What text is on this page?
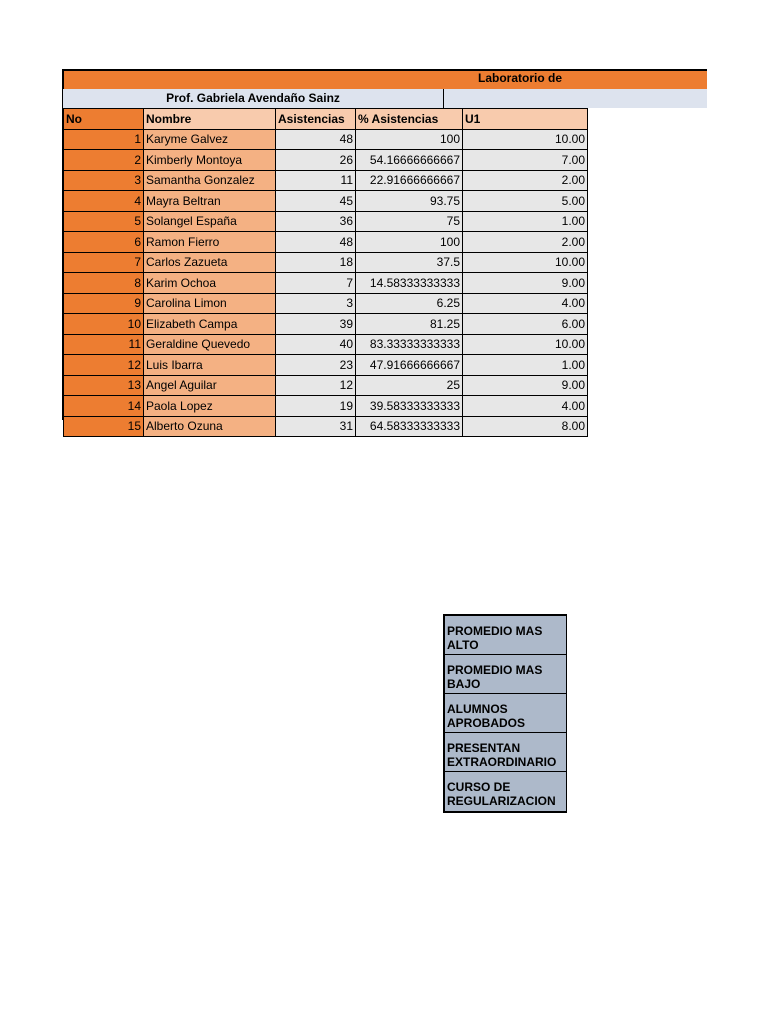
Laboratorio de
Prof. Gabriela Avendaño Sainz
No	Nombre	Asistencias	% Asistencias	U1
1	Karyme Galvez	48	100	10.00
2	Kimberly Montoya	26	54.16666666667	7.00
3	Samantha Gonzalez	11	22.91666666667	2.00
4	Mayra Beltran	45	93.75	5.00
5	Solangel España	36	75	1.00
6	Ramon Fierro	48	100	2.00
7	Carlos Zazueta	18	37.5	10.00
8	Karim Ochoa	7	14.58333333333	9.00
9	Carolina Limon	3	6.25	4.00
10	Elizabeth Campa	39	81.25	6.00
11	Geraldine Quevedo	40	83.33333333333	10.00
12	Luis Ibarra	23	47.91666666667	1.00
13	Angel Aguilar	12	25	9.00
14	Paola Lopez	19	39.58333333333	4.00
15	Alberto Ozuna	31	64.58333333333	8.00
PROMEDIO MAS ALTO
PROMEDIO MAS BAJO
ALUMNOS APROBADOS
PRESENTAN EXTRAORDINARIO
CURSO DE REGULARIZACION
